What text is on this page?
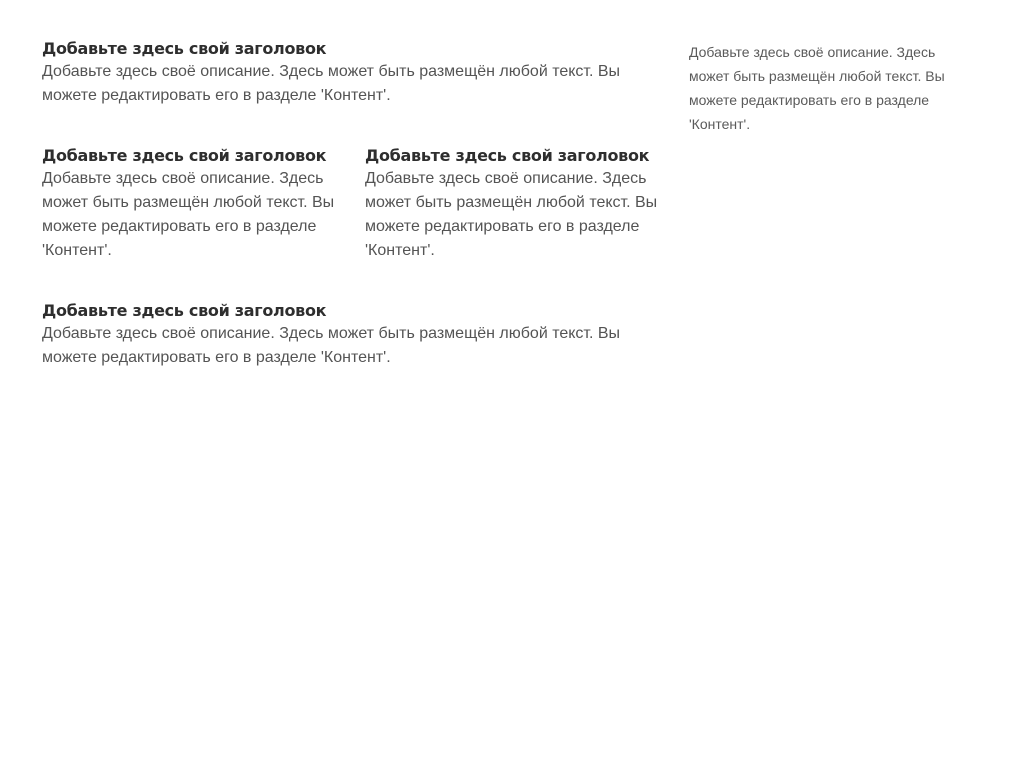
Добавьте здесь свой заголовок
Добавьте здесь своё описание. Здесь может быть размещён любой текст. Вы можете редактировать его в разделе 'Контент'.
Добавьте здесь свой заголовок
Добавьте здесь своё описание. Здесь может быть размещён любой текст. Вы можете редактировать его в разделе 'Контент'.
Добавьте здесь свой заголовок
Добавьте здесь своё описание. Здесь может быть размещён любой текст. Вы можете редактировать его в разделе 'Контент'.
Добавьте здесь свой заголовок
Добавьте здесь своё описание. Здесь может быть размещён любой текст. Вы можете редактировать его в разделе 'Контент'.
Добавьте здесь своё описание. Здесь может быть размещён любой текст. Вы можете редактировать его в разделе 'Контент'.
